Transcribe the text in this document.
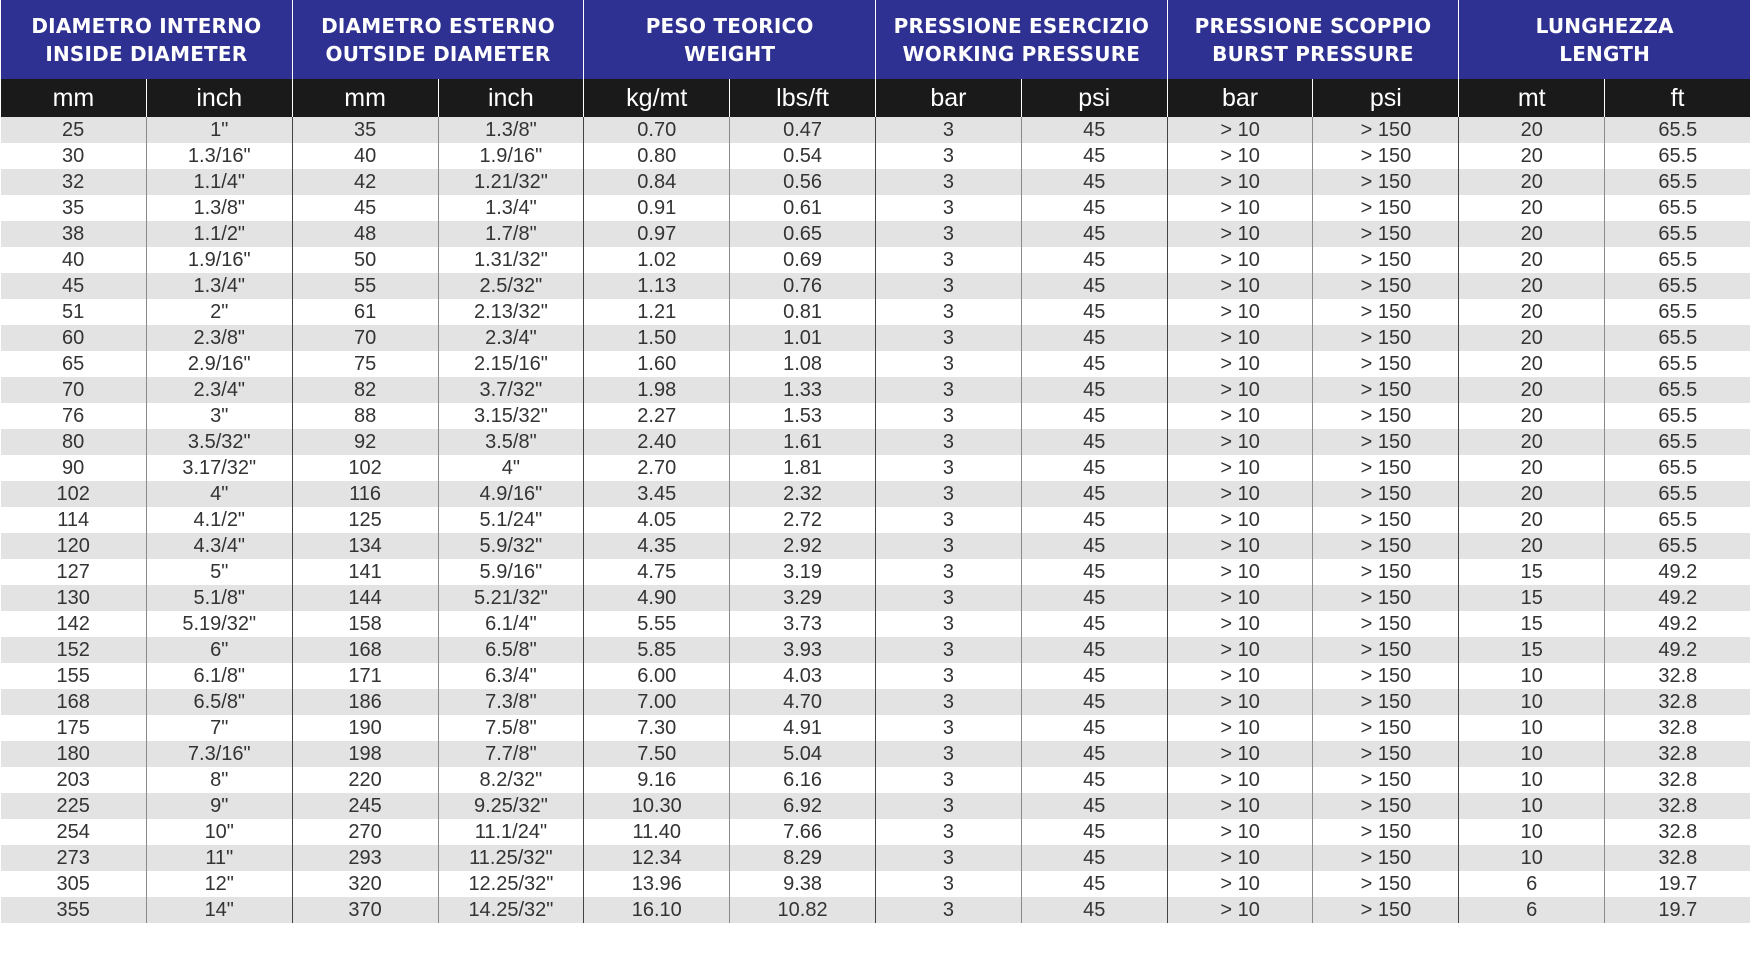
DIAMETRO INTERNO
INSIDE DIAMETER		DIAMETRO ESTERNO
OUTSIDE DIAMETER		PESO TEORICO
WEIGHT		PRESSIONE ESERCIZIO
WORKING PRESSURE		PRESSIONE SCOPPIO
BURST PRESSURE		LUNGHEZZA
LENGTH	

mm	inch	mm	inch	kg/mt	lbs/ft	bar	psi	bar	psi	mt	ft
25	1"	35	1.3/8"	0.70	0.47	3	45	> 10	> 150	20	65.5
30	1.3/16"	40	1.9/16"	0.80	0.54	3	45	> 10	> 150	20	65.5
32	1.1/4"	42	1.21/32"	0.84	0.56	3	45	> 10	> 150	20	65.5
35	1.3/8"	45	1.3/4"	0.91	0.61	3	45	> 10	> 150	20	65.5
38	1.1/2"	48	1.7/8"	0.97	0.65	3	45	> 10	> 150	20	65.5
40	1.9/16"	50	1.31/32"	1.02	0.69	3	45	> 10	> 150	20	65.5
45	1.3/4"	55	2.5/32"	1.13	0.76	3	45	> 10	> 150	20	65.5
51	2"	61	2.13/32"	1.21	0.81	3	45	> 10	> 150	20	65.5
60	2.3/8"	70	2.3/4"	1.50	1.01	3	45	> 10	> 150	20	65.5
65	2.9/16"	75	2.15/16"	1.60	1.08	3	45	> 10	> 150	20	65.5
70	2.3/4"	82	3.7/32"	1.98	1.33	3	45	> 10	> 150	20	65.5
76	3"	88	3.15/32"	2.27	1.53	3	45	> 10	> 150	20	65.5
80	3.5/32"	92	3.5/8"	2.40	1.61	3	45	> 10	> 150	20	65.5
90	3.17/32"	102	4"	2.70	1.81	3	45	> 10	> 150	20	65.5
102	4"	116	4.9/16"	3.45	2.32	3	45	> 10	> 150	20	65.5
114	4.1/2"	125	5.1/24"	4.05	2.72	3	45	> 10	> 150	20	65.5
120	4.3/4"	134	5.9/32"	4.35	2.92	3	45	> 10	> 150	20	65.5
127	5"	141	5.9/16"	4.75	3.19	3	45	> 10	> 150	15	49.2
130	5.1/8"	144	5.21/32"	4.90	3.29	3	45	> 10	> 150	15	49.2
142	5.19/32"	158	6.1/4"	5.55	3.73	3	45	> 10	> 150	15	49.2
152	6"	168	6.5/8"	5.85	3.93	3	45	> 10	> 150	15	49.2
155	6.1/8"	171	6.3/4"	6.00	4.03	3	45	> 10	> 150	10	32.8
168	6.5/8"	186	7.3/8"	7.00	4.70	3	45	> 10	> 150	10	32.8
175	7"	190	7.5/8"	7.30	4.91	3	45	> 10	> 150	10	32.8
180	7.3/16"	198	7.7/8"	7.50	5.04	3	45	> 10	> 150	10	32.8
203	8"	220	8.2/32"	9.16	6.16	3	45	> 10	> 150	10	32.8
225	9"	245	9.25/32"	10.30	6.92	3	45	> 10	> 150	10	32.8
254	10"	270	11.1/24"	11.40	7.66	3	45	> 10	> 150	10	32.8
273	11"	293	11.25/32"	12.34	8.29	3	45	> 10	> 150	10	32.8
305	12"	320	12.25/32"	13.96	9.38	3	45	> 10	> 150	6	19.7
355	14"	370	14.25/32"	16.10	10.82	3	45	> 10	> 150	6	19.7
